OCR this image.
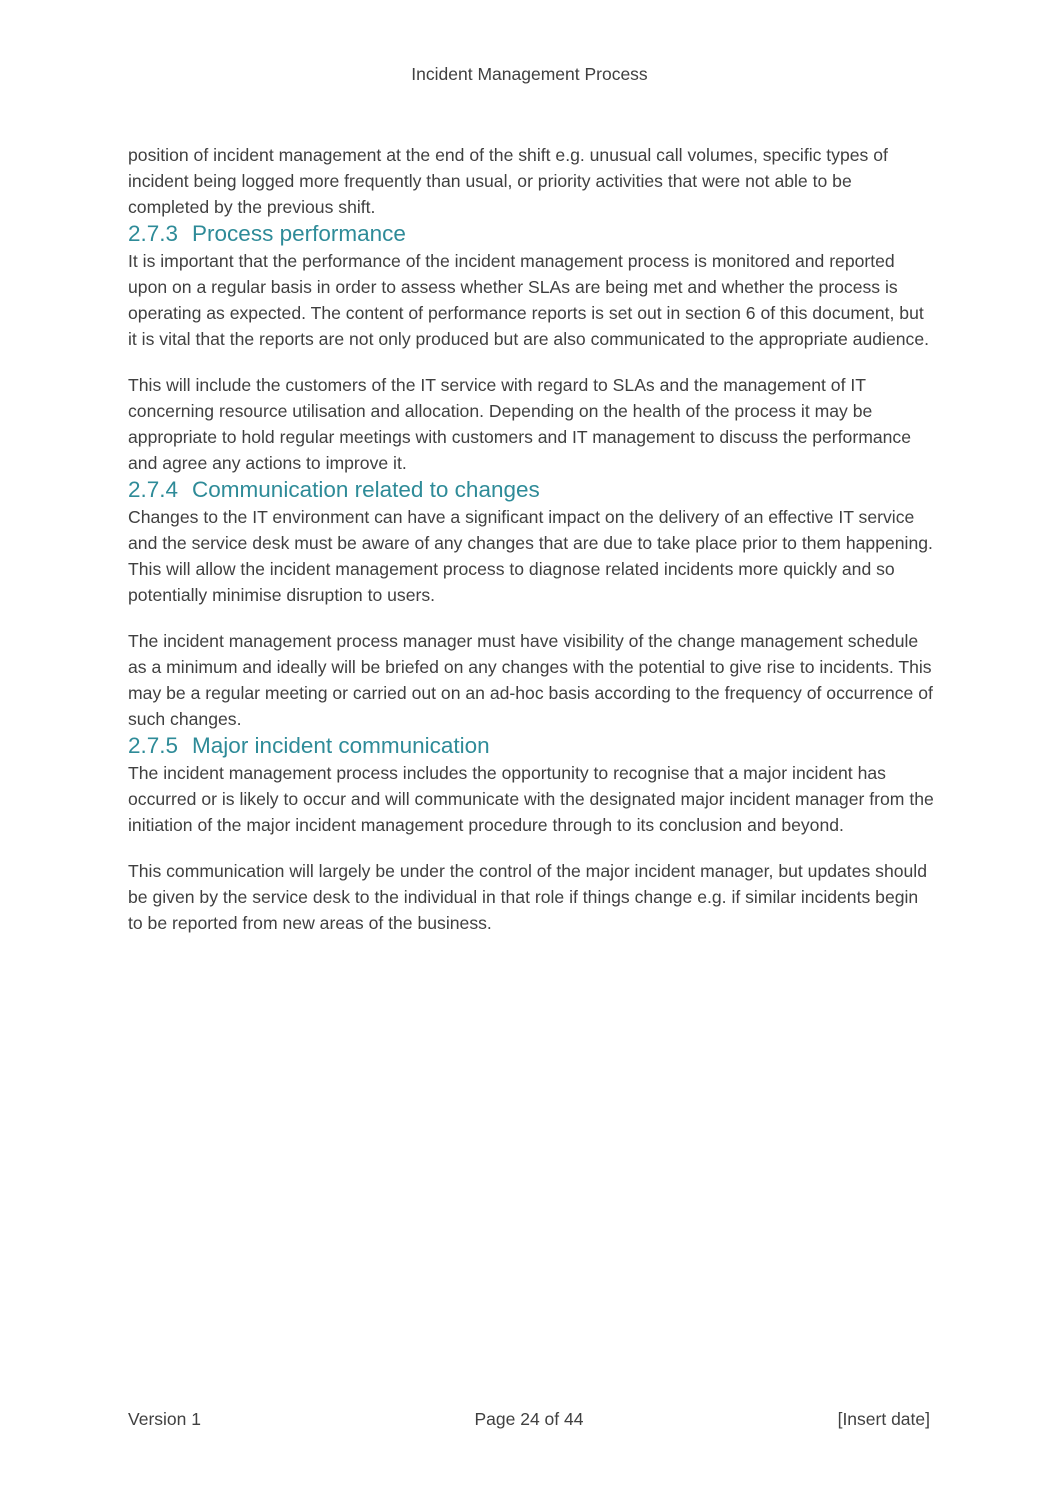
Incident Management Process

position of incident management at the end of the shift e.g. unusual call volumes, specific types of incident being logged more frequently than usual, or priority activities that were not able to be completed by the previous shift.

2.7.3 Process performance

It is important that the performance of the incident management process is monitored and reported upon on a regular basis in order to assess whether SLAs are being met and whether the process is operating as expected. The content of performance reports is set out in section 6 of this document, but it is vital that the reports are not only produced but are also communicated to the appropriate audience.

This will include the customers of the IT service with regard to SLAs and the management of IT concerning resource utilisation and allocation. Depending on the health of the process it may be appropriate to hold regular meetings with customers and IT management to discuss the performance and agree any actions to improve it.

2.7.4 Communication related to changes

Changes to the IT environment can have a significant impact on the delivery of an effective IT service and the service desk must be aware of any changes that are due to take place prior to them happening. This will allow the incident management process to diagnose related incidents more quickly and so potentially minimise disruption to users.

The incident management process manager must have visibility of the change management schedule as a minimum and ideally will be briefed on any changes with the potential to give rise to incidents. This may be a regular meeting or carried out on an ad-hoc basis according to the frequency of occurrence of such changes.

2.7.5 Major incident communication

The incident management process includes the opportunity to recognise that a major incident has occurred or is likely to occur and will communicate with the designated major incident manager from the initiation of the major incident management procedure through to its conclusion and beyond.

This communication will largely be under the control of the major incident manager, but updates should be given by the service desk to the individual in that role if things change e.g. if similar incidents begin to be reported from new areas of the business.

Version 1	Page 24 of 44	[Insert date]
